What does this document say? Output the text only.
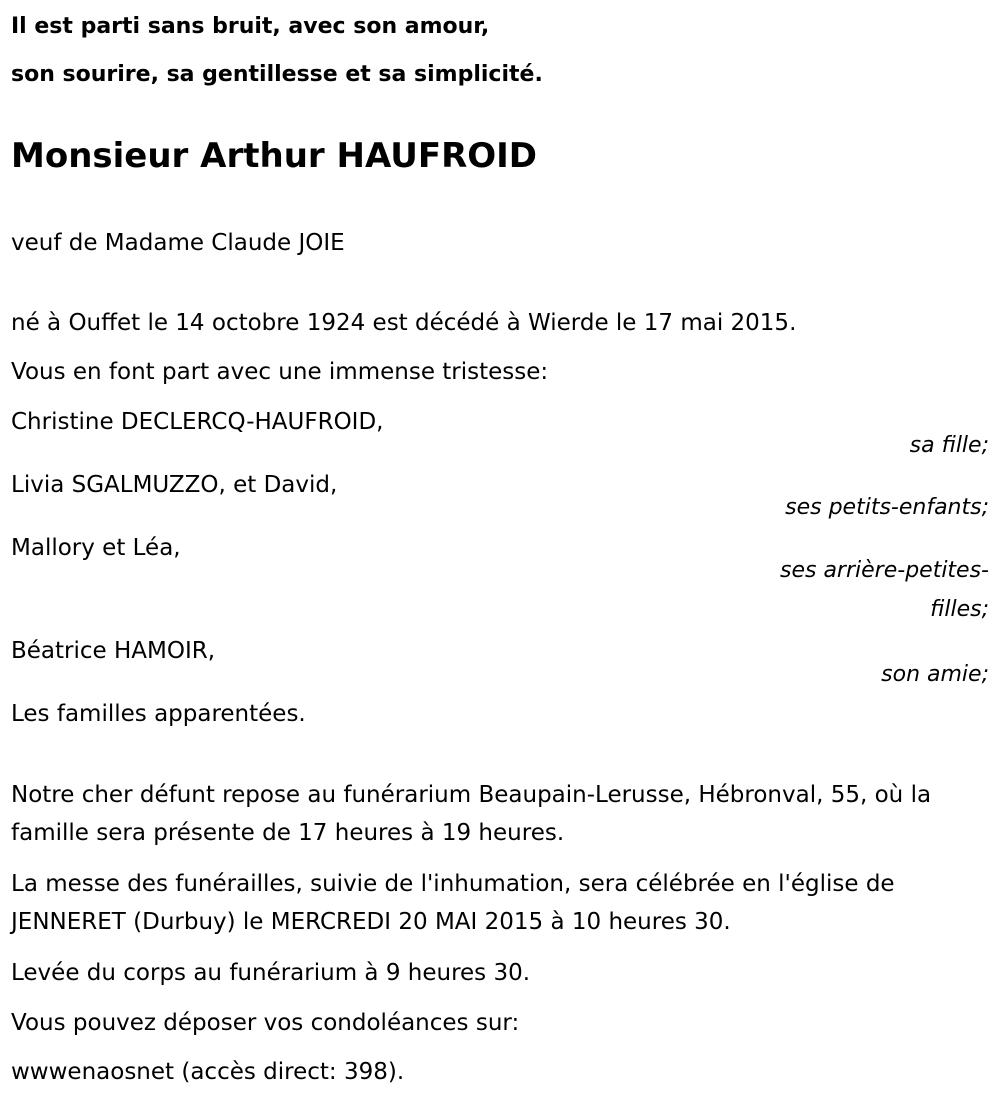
Il est parti sans bruit, avec son amour,
son sourire, sa gentillesse et sa simplicité.
Monsieur Arthur HAUFROID
veuf de Madame Claude JOIE
né à Ouffet le 14 octobre 1924 est décédé à Wierde le 17 mai 2015.
Vous en font part avec une immense tristesse:
Christine DECLERCQ-HAUFROID,
sa fille;
Livia SGALMUZZO, et David,
ses petits-enfants;
Mallory et Léa,
ses arrière-petites-
filles;
Béatrice HAMOIR,
son amie;
Les familles apparentées.
Notre cher défunt repose au funérarium Beaupain-Lerusse, Hébronval, 55, où la famille sera présente de 17 heures à 19 heures.
La messe des funérailles, suivie de l'inhumation, sera célébrée en l'église de JENNERET (Durbuy) le MERCREDI 20 MAI 2015 à 10 heures 30.
Levée du corps au funérarium à 9 heures 30.
Vous pouvez déposer vos condoléances sur:
wwwenaosnet (accès direct: 398).
